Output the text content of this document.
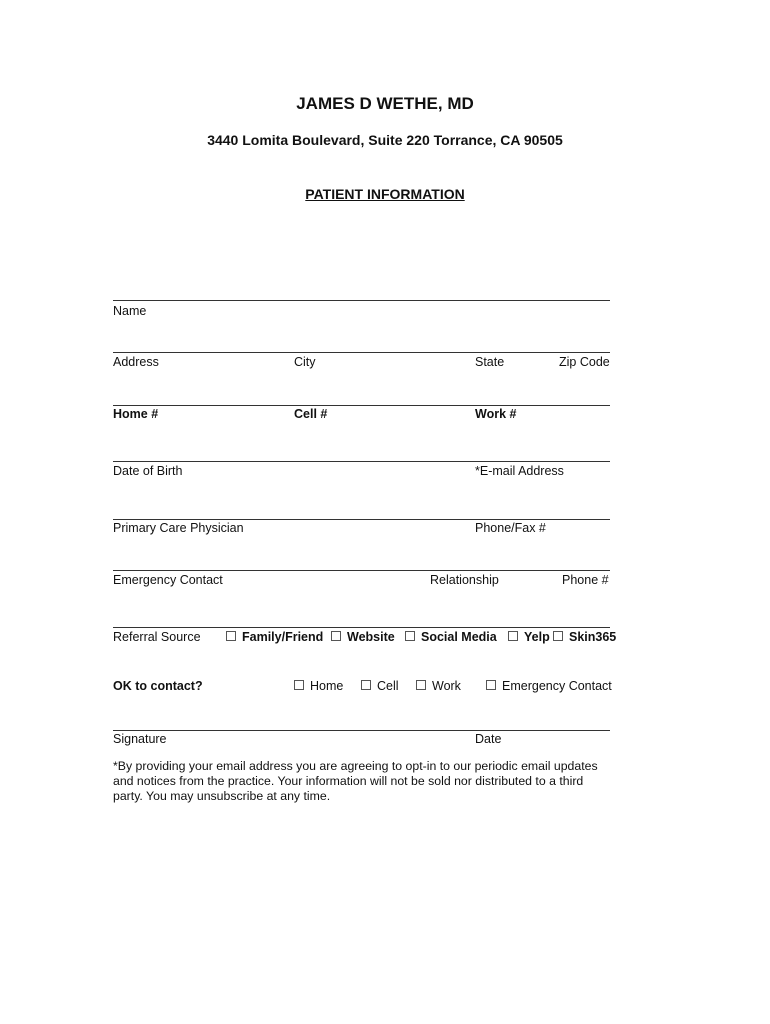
JAMES D WETHE, MD
3440 Lomita Boulevard, Suite 220 Torrance, CA 90505
PATIENT INFORMATION
Name
Address	City	State	Zip Code
Home #	Cell #	Work #
Date of Birth	*E-mail Address
Primary Care Physician	Phone/Fax #
Emergency Contact	Relationship	Phone #
Referral Source	Family/Friend	Website	Social Media	Yelp	Skin365
OK to contact?	Home	Cell	Work	Emergency Contact
Signature	Date
*By providing your email address you are agreeing to opt-in to our periodic email updates and notices from the practice. Your information will not be sold nor distributed to a third party. You may unsubscribe at any time.
